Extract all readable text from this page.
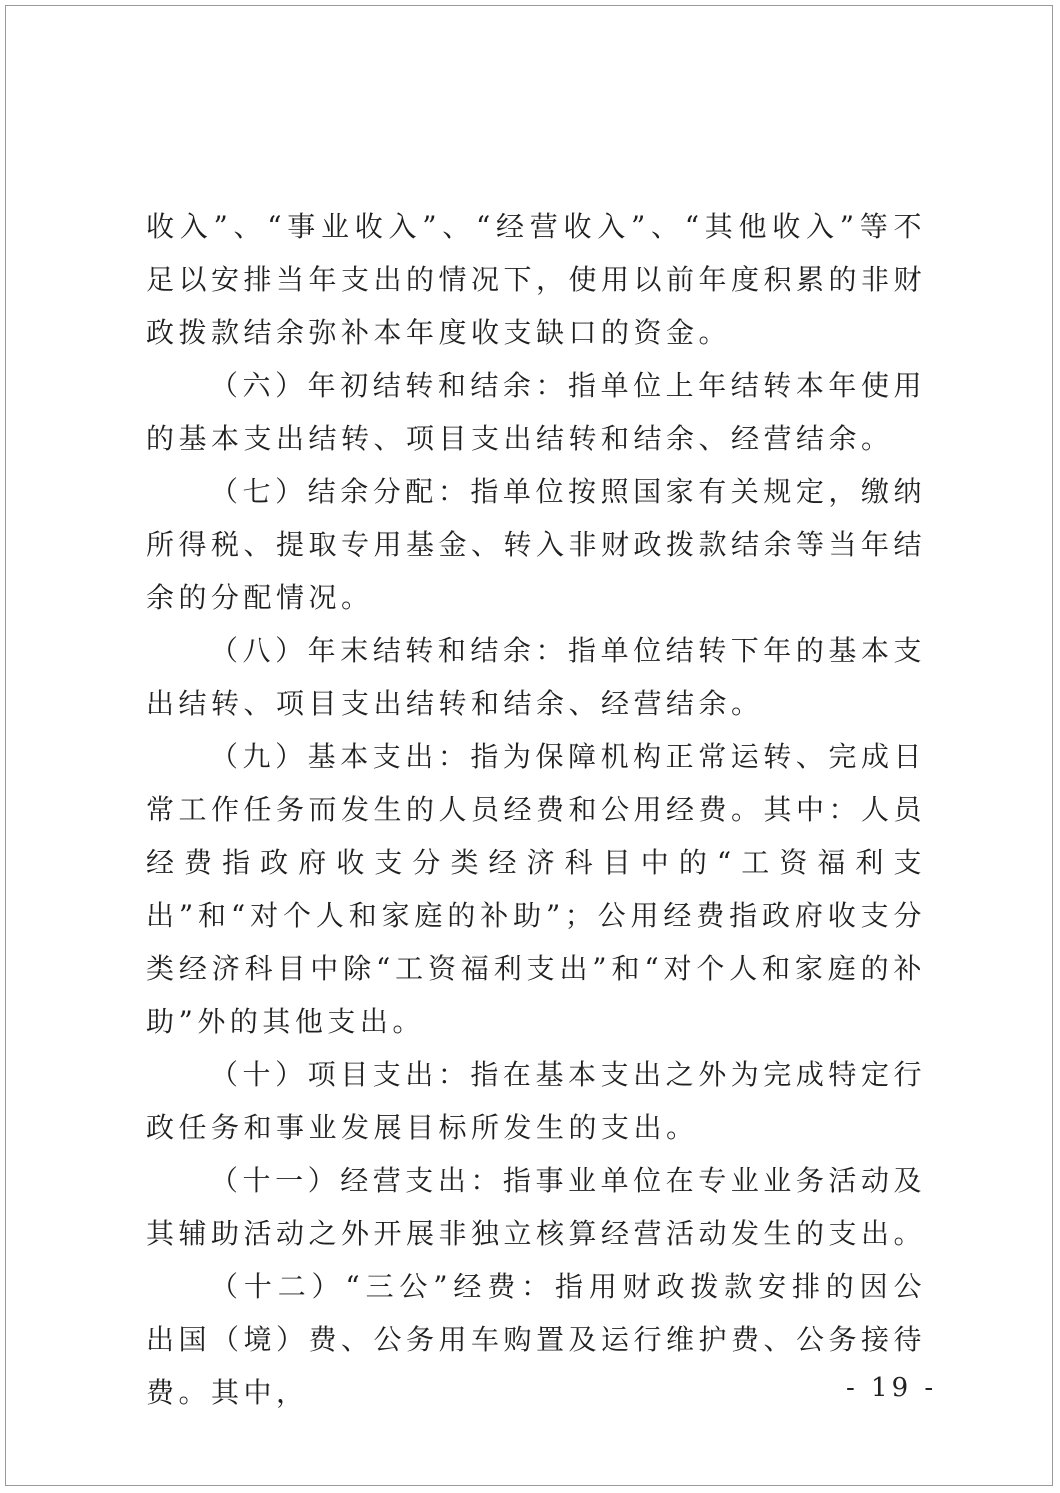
收入”、“事业收入”、“经营收入”、“其他收入”等不足以安排当年支出的情况下，使用以前年度积累的非财政拨款结余弥补本年度收支缺口的资金。

（六）年初结转和结余：指单位上年结转本年使用的基本支出结转、项目支出结转和结余、经营结余。

（七）结余分配：指单位按照国家有关规定，缴纳所得税、提取专用基金、转入非财政拨款结余等当年结余的分配情况。

（八）年末结转和结余：指单位结转下年的基本支出结转、项目支出结转和结余、经营结余。

（九）基本支出：指为保障机构正常运转、完成日常工作任务而发生的人员经费和公用经费。其中：人员经费指政府收支分类经济科目中的“工资福利支出”和“对个人和家庭的补助”；公用经费指政府收支分类经济科目中除“工资福利支出”和“对个人和家庭的补助”外的其他支出。

（十）项目支出：指在基本支出之外为完成特定行政任务和事业发展目标所发生的支出。

（十一）经营支出：指事业单位在专业业务活动及其辅助活动之外开展非独立核算经营活动发生的支出。

（十二）“三公”经费：指用财政拨款安排的因公出国（境）费、公务用车购置及运行维护费、公务接待费。其中，	- 19 -
